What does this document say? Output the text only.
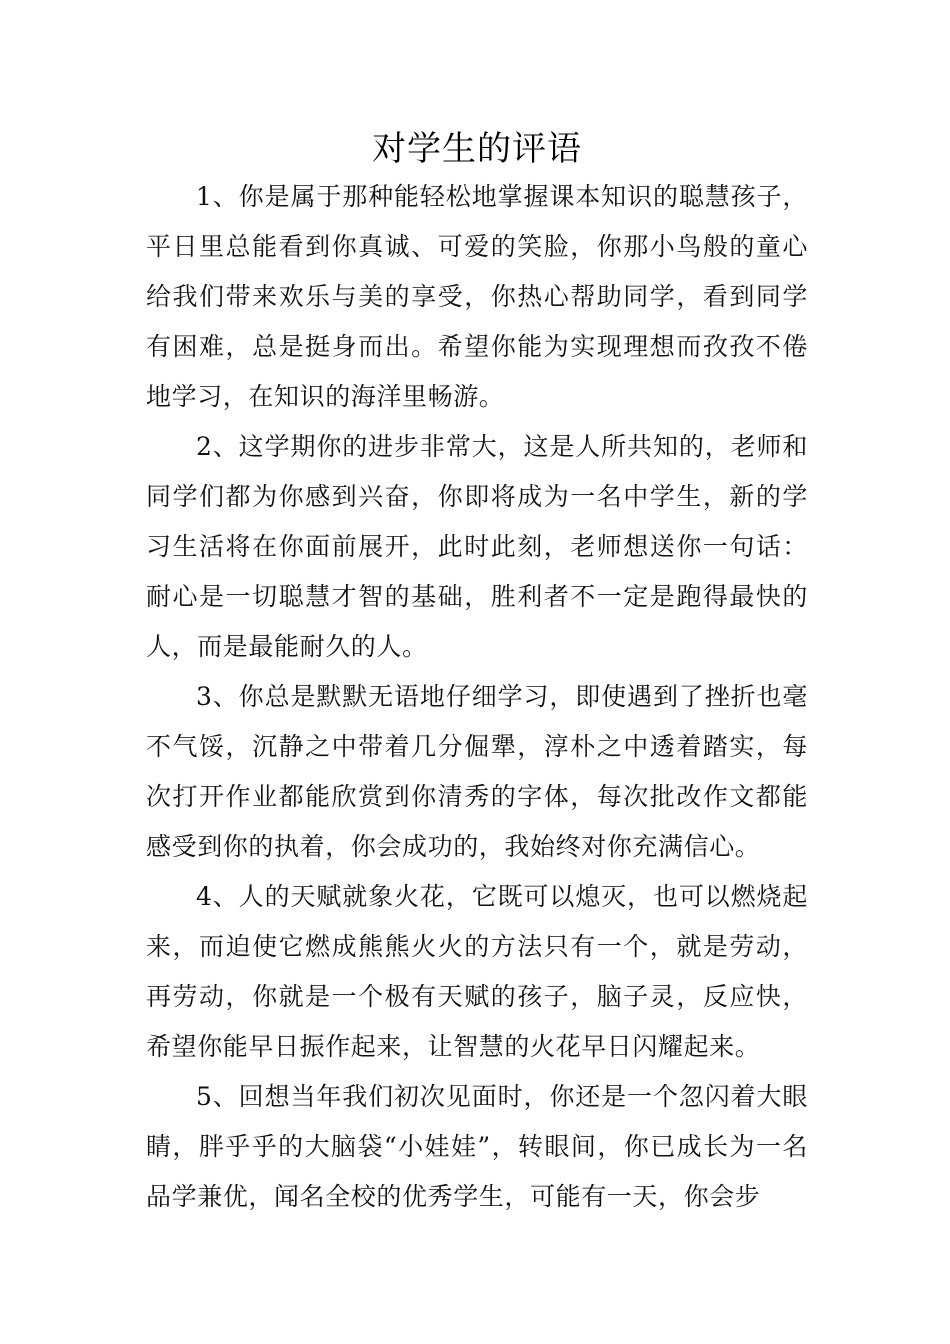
对学生的评语

1、你是属于那种能轻松地掌握课本知识的聪慧孩子，平日里总能看到你真诚、可爱的笑脸，你那小鸟般的童心给我们带来欢乐与美的享受，你热心帮助同学，看到同学有困难，总是挺身而出。希望你能为实现理想而孜孜不倦地学习，在知识的海洋里畅游。

2、这学期你的进步非常大，这是人所共知的，老师和同学们都为你感到兴奋，你即将成为一名中学生，新的学习生活将在你面前展开，此时此刻，老师想送你一句话：耐心是一切聪慧才智的基础，胜利者不一定是跑得最快的人，而是最能耐久的人。

3、你总是默默无语地仔细学习，即使遇到了挫折也毫不气馁，沉静之中带着几分倔犟，淳朴之中透着踏实，每次打开作业都能欣赏到你清秀的字体，每次批改作文都能感受到你的执着，你会成功的，我始终对你充满信心。

4、人的天赋就象火花，它既可以熄灭，也可以燃烧起来，而迫使它燃成熊熊火火的方法只有一个，就是劳动，再劳动，你就是一个极有天赋的孩子，脑子灵，反应快，希望你能早日振作起来，让智慧的火花早日闪耀起来。

5、回想当年我们初次见面时，你还是一个忽闪着大眼睛，胖乎乎的大脑袋“小娃娃”，转眼间，你已成长为一名品学兼优，闻名全校的优秀学生，可能有一天，你会步
